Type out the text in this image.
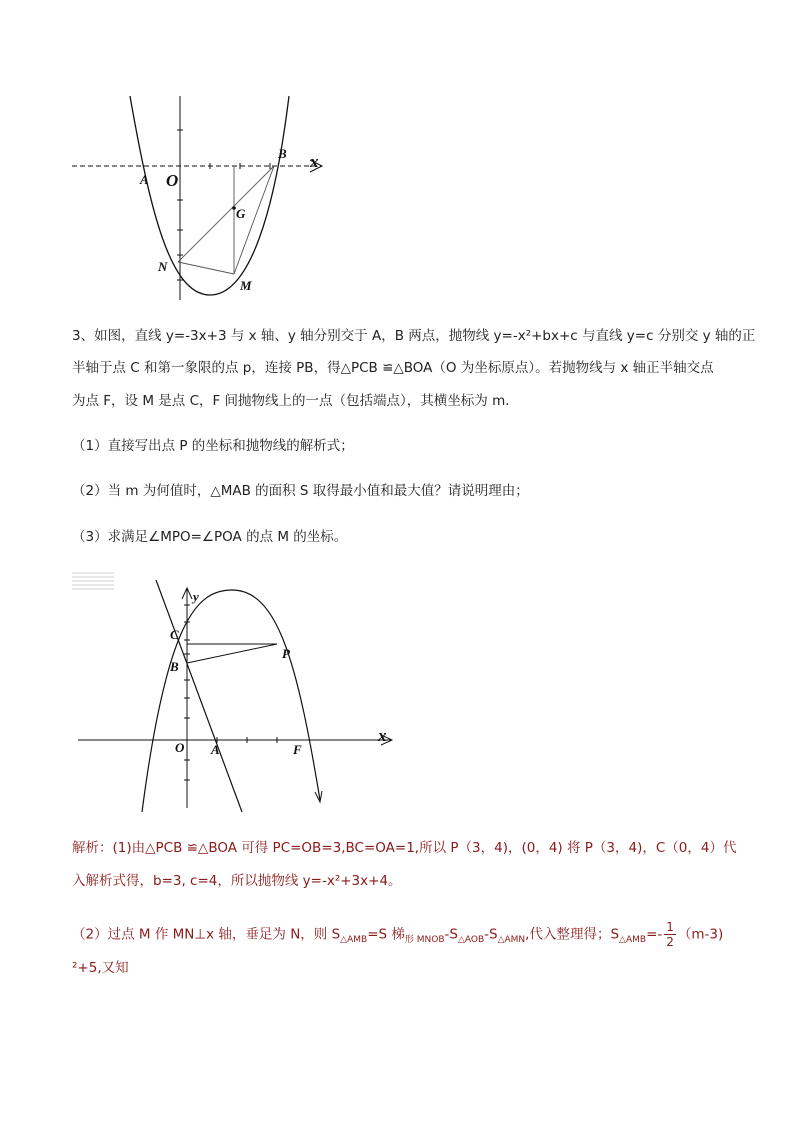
x
O
A
B
G
N
M
3、如图，直线 y=-3x+3 与 x 轴、y 轴分别交于 A，B 两点，抛物线 y=-x²+bx+c 与直线 y=c 分别交 y 轴的正
半轴于点 C 和第一象限的点 p，连接 PB，得△PCB ≌△BOA（O 为坐标原点）。若抛物线与 x 轴正半轴交点
为点 F，设 M 是点 C，F 间抛物线上的一点（包括端点），其横坐标为 m.
（1）直接写出点 P 的坐标和抛物线的解析式；
（2）当 m 为何值时，△MAB 的面积 S 取得最小值和最大值？请说明理由；
（3）求满足∠MPO=∠POA 的点 M 的坐标。
x
y
O A
B
C
P
F
解析：(1)由△PCB ≌△BOA 可得 PC=OB=3,BC=OA=1,所以 P（3，4)，(0，4) 将 P（3，4)，C（0，4）代
入解析式得，b=3, c=4，所以抛物线 y=-x²+3x+4。
（2）过点 M 作 MN⊥x 轴，垂足为 N，则 $S_{\triangle AMB}=S$ 梯$_{形 MNOB}-S_{\triangle AOB}-S_{\triangle AMN}$,代入整理得；$S_{\triangle AMB}=- \frac{1}{2} (m-3)$
²+5,又知
